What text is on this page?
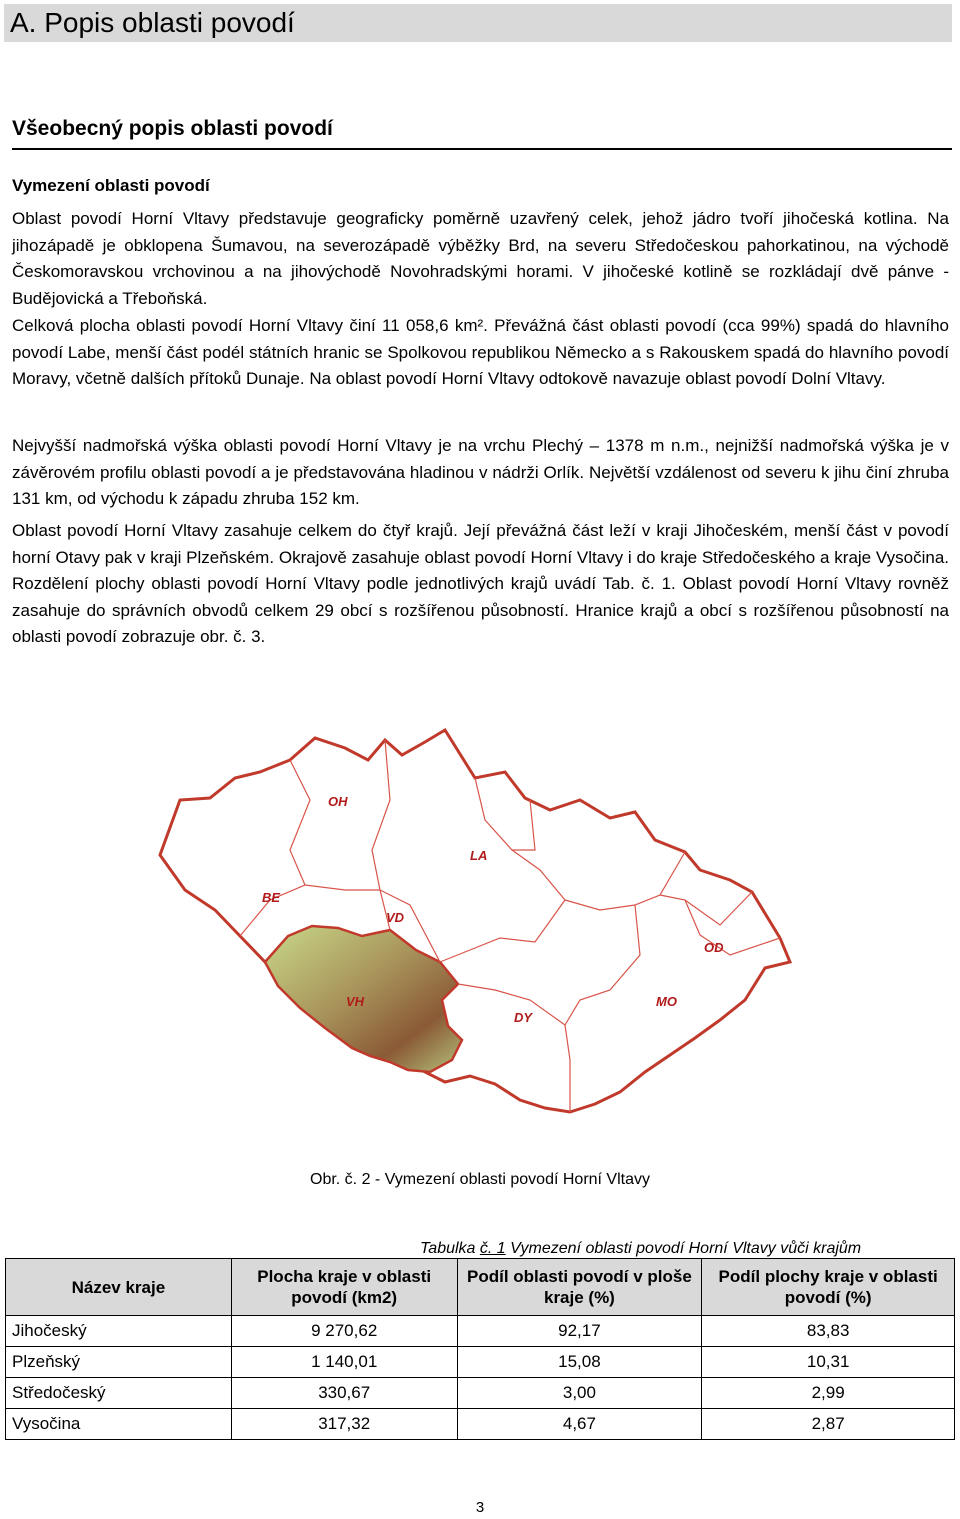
A. Popis oblasti povodí
Všeobecný popis oblasti povodí
Vymezení oblasti povodí

Oblast povodí Horní Vltavy představuje geograficky poměrně uzavřený celek, jehož jádro tvoří jihočeská kotlina. Na jihozápadě je obklopena Šumavou, na severozápadě výběžky Brd, na severu Středočeskou pahorkatinou, na východě Českomoravskou vrchovinou a na jihovýchodě Novohradskými horami. V jihočeské kotlině se rozkládají dvě pánve - Budějovická a Třeboňská.

Celková plocha oblasti povodí Horní Vltavy činí 11 058,6 km². Převážná část oblasti povodí (cca 99%) spadá do hlavního povodí Labe, menší část podél státních hranic se Spolkovou republikou Německo a s Rakouskem spadá do hlavního povodí Moravy, včetně dalších přítoků Dunaje. Na oblast povodí Horní Vltavy odtokově navazuje oblast povodí Dolní Vltavy.

Nejvyšší nadmořská výška oblasti povodí Horní Vltavy je na vrchu Plechý – 1378 m n.m., nejnižší nadmořská výška je v závěrovém profilu oblasti povodí a je představována hladinou v nádrži Orlík. Největší vzdálenost od severu k jihu činí zhruba 131 km, od východu k západu zhruba 152 km.

Oblast povodí Horní Vltavy zasahuje celkem do čtyř krajů. Její převážná část leží v kraji Jihočeském, menší část v povodí horní Otavy pak v kraji Plzeňském. Okrajově zasahuje oblast povodí Horní Vltavy i do kraje Středočeského a kraje Vysočina. Rozdělení plochy oblasti povodí Horní Vltavy podle jednotlivých krajů uvádí Tab. č. 1. Oblast povodí Horní Vltavy rovněž zasahuje do správních obvodů celkem 29 obcí s rozšířenou působností. Hranice krajů a obcí s rozšířenou působností na oblasti povodí zobrazuje obr. č. 3.

OH
LA
BE
VD
VH
DY
OD
MO
Obr. č. 2 - Vymezení oblasti povodí Horní Vltavy
Tabulka č. 1 Vymezení oblasti povodí Horní Vltavy vůči krajům
Název kraje	Plocha kraje v oblasti povodí (km2)	Podíl oblasti povodí v ploše kraje (%)	Podíl plochy kraje v oblasti povodí (%)
Jihočeský	9 270,62	92,17	83,83
Plzeňský	1 140,01	15,08	10,31
Středočeský	330,67	3,00	2,99
Vysočina	317,32	4,67	2,87
3
